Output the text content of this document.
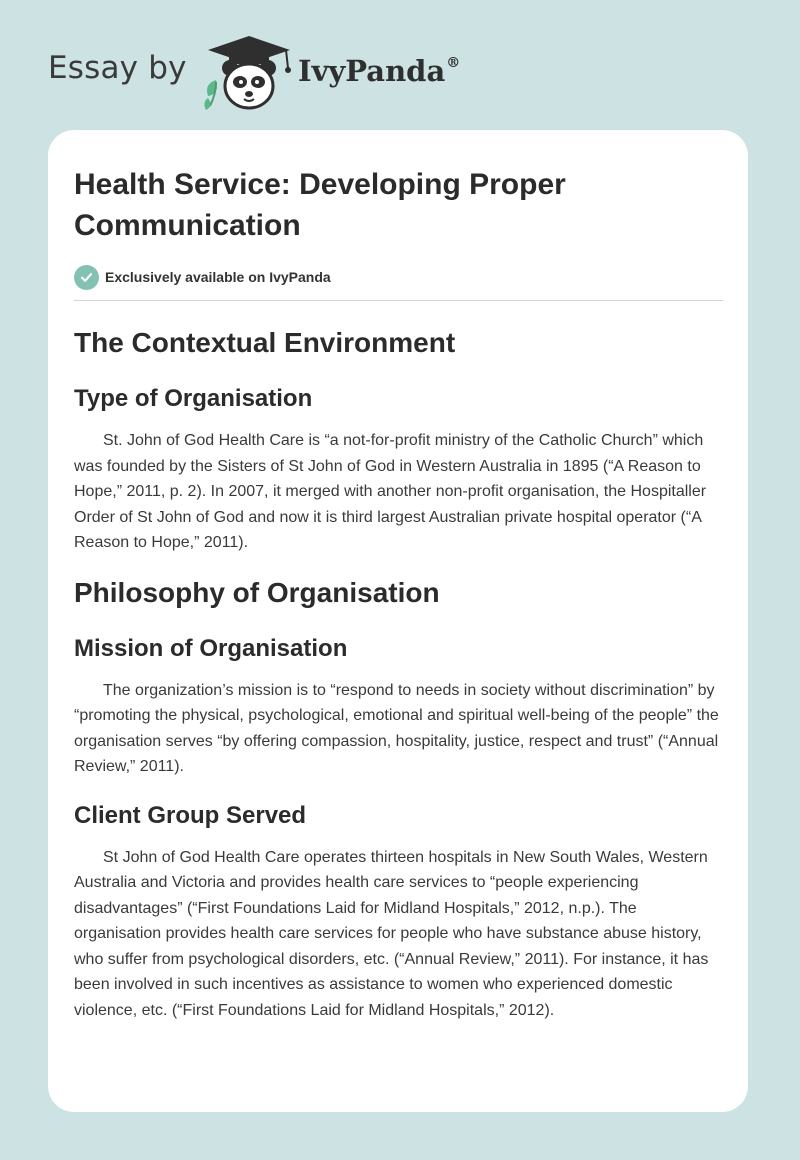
Essay by	IvyPanda®
Health Service: Developing Proper Communication
Exclusively available on IvyPanda
The Contextual Environment
Type of Organisation

St. John of God Health Care is “a not-for-profit ministry of the Catholic Church” which was founded by the Sisters of St John of God in Western Australia in 1895 (“A Reason to Hope,” 2011, p. 2). In 2007, it merged with another non-profit organisation, the Hospitaller Order of St John of God and now it is third largest Australian private hospital operator (“A Reason to Hope,” 2011).

Philosophy of Organisation
Mission of Organisation

The organization’s mission is to “respond to needs in society without discrimination” by “promoting the physical, psychological, emotional and spiritual well-being of the people” the organisation serves “by offering compassion, hospitality, justice, respect and trust” (“Annual Review,” 2011).

Client Group Served

St John of God Health Care operates thirteen hospitals in New South Wales, Western Australia and Victoria and provides health care services to “people experiencing disadvantages” (“First Foundations Laid for Midland Hospitals,” 2012, n.p.). The organisation provides health care services for people who have substance abuse history, who suffer from psychological disorders, etc. (“Annual Review,” 2011). For instance, it has been involved in such incentives as assistance to women who experienced domestic violence, etc. (“First Foundations Laid for Midland Hospitals,” 2012).
